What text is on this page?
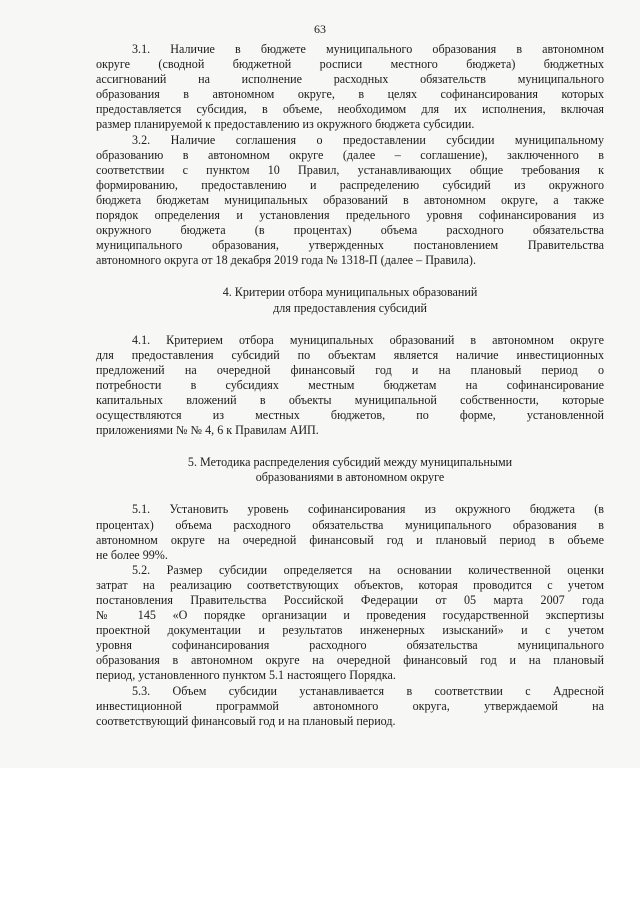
63
3.1. Наличие в бюджете муниципального образования в автономном
округе (сводной бюджетной росписи местного бюджета) бюджетных
ассигнований на исполнение расходных обязательств муниципального
образования в автономном округе, в целях софинансирования которых
предоставляется субсидия, в объеме, необходимом для их исполнения, включая
размер планируемой к предоставлению из окружного бюджета субсидии.
3.2. Наличие соглашения о предоставлении субсидии муниципальному
образованию в автономном округе (далее – соглашение), заключенного в
соответствии с пунктом 10 Правил, устанавливающих общие требования к
формированию, предоставлению и распределению субсидий из окружного
бюджета бюджетам муниципальных образований в автономном округе, а также
порядок определения и установления предельного уровня софинансирования из
окружного бюджета (в процентах) объема расходного обязательства
муниципального образования, утвержденных постановлением Правительства
автономного округа от 18 декабря 2019 года № 1318-П (далее – Правила).
4. Критерии отбора муниципальных образований
для предоставления субсидий
4.1. Критерием отбора муниципальных образований в автономном округе
для предоставления субсидий по объектам является наличие инвестиционных
предложений на очередной финансовый год и на плановый период о
потребности в субсидиях местным бюджетам на софинансирование
капитальных вложений в объекты муниципальной собственности, которые
осуществляются из местных бюджетов, по форме, установленной
приложениями № № 4, 6 к Правилам АИП.
5. Методика распределения субсидий между муниципальными
образованиями в автономном округе
5.1. Установить уровень софинансирования из окружного бюджета (в
процентах) объема расходного обязательства муниципального образования в
автономном округе на очередной финансовый год и плановый период в объеме
не более 99%.
5.2. Размер субсидии определяется на основании количественной оценки
затрат на реализацию соответствующих объектов, которая проводится с учетом
постановления Правительства Российской Федерации от 05 марта 2007 года
№ 145 «О порядке организации и проведения государственной экспертизы
проектной документации и результатов инженерных изысканий» и с учетом
уровня софинансирования расходного обязательства муниципального
образования в автономном округе на очередной финансовый год и на плановый
период, установленного пунктом 5.1 настоящего Порядка.
5.3. Объем субсидии устанавливается в соответствии с Адресной
инвестиционной программой автономного округа, утверждаемой на
соответствующий финансовый год и на плановый период.
